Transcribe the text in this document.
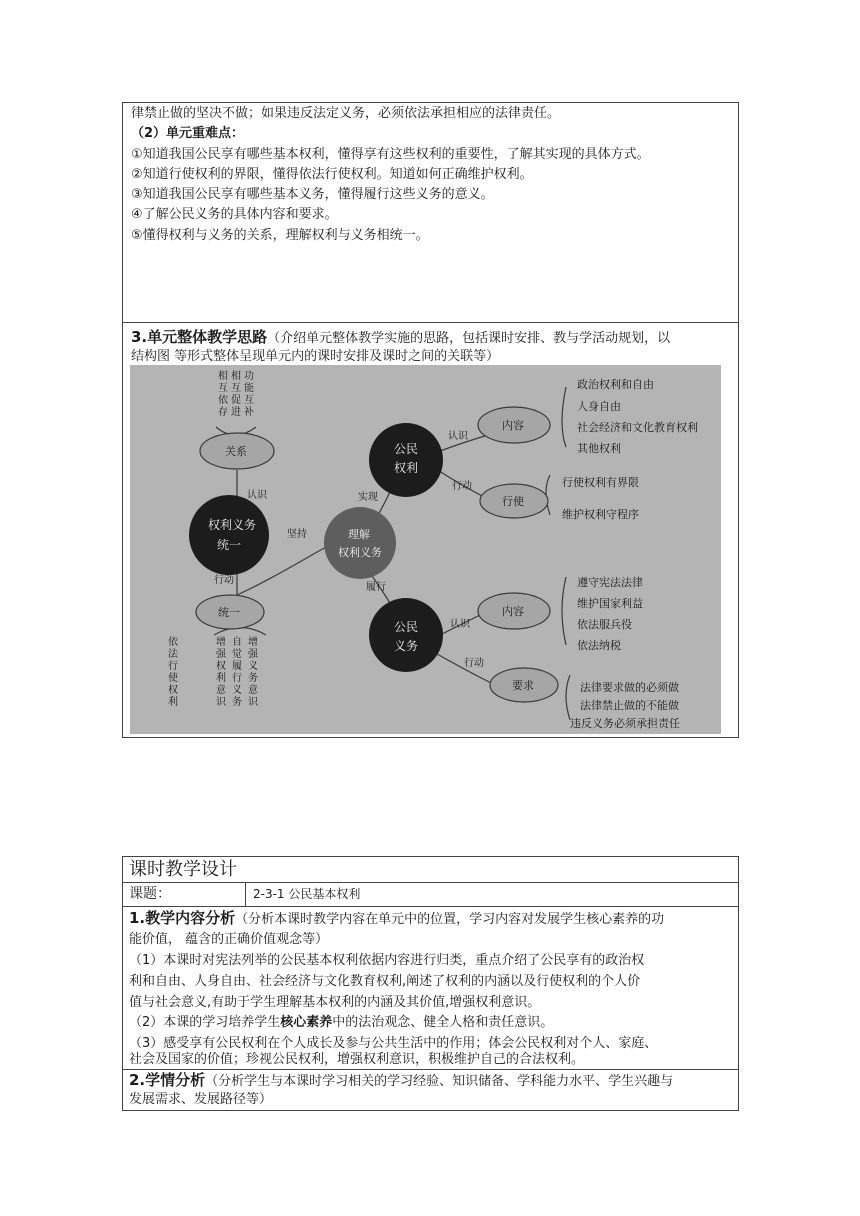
律禁止做的坚决不做；如果违反法定义务，必须依法承担相应的法律责任。
（2）单元重难点：
①知道我国公民享有哪些基本权利，懂得享有这些权利的重要性，了解其实现的具体方式。
②知道行使权利的界限，懂得依法行使权利。知道如何正确维护权利。
③知道我国公民享有哪些基本义务，懂得履行这些义务的意义。
④了解公民义务的具体内容和要求。
⑤懂得权利与义务的关系，理解权利与义务相统一。
3.单元整体教学思路（介绍单元整体教学实施的思路，包括课时安排、教与学活动规划，以
结构图 等形式整体呈现单元内的课时安排及课时之间的关联等）
公民
权利
权利义务
统一
理解
权利义务
公民
义务
关系
统一
内容
行使
内容
要求
认识
行动
实现
坚持
认识
行动
履行
认识
行动
相互依存
相互促进
功能互补
依法行使权利
增强权利意识
自觉履行义务
增强义务意识
政治权利和自由
人身自由
社会经济和文化教育权利
其他权利
行使权利有界限
维护权利守程序
遵守宪法法律
维护国家利益
依法服兵役
依法纳税
法律要求做的必须做
法律禁止做的不能做
违反义务必须承担责任
课时教学设计
课题：	2-3-1 公民基本权利
1.教学内容分析（分析本课时教学内容在单元中的位置，学习内容对发展学生核心素养的功
能价值， 蕴含的正确价值观念等）
（1）本课时对宪法列举的公民基本权利依据内容进行归类，重点介绍了公民享有的政治权
利和自由、人身自由、社会经济与文化教育权利,阐述了权利的内涵以及行使权利的个人价
值与社会意义,有助于学生理解基本权利的内涵及其价值,增强权利意识。
（2）本课的学习培养学生核心素养中的法治观念、健全人格和责任意识。
（3）感受享有公民权利在个人成长及参与公共生活中的作用；体会公民权利对个人、家庭、
社会及国家的价值；珍视公民权利，增强权利意识，积极维护自己的合法权利。
2.学情分析（分析学生与本课时学习相关的学习经验、知识储备、学科能力水平、学生兴趣与
发展需求、发展路径等）
